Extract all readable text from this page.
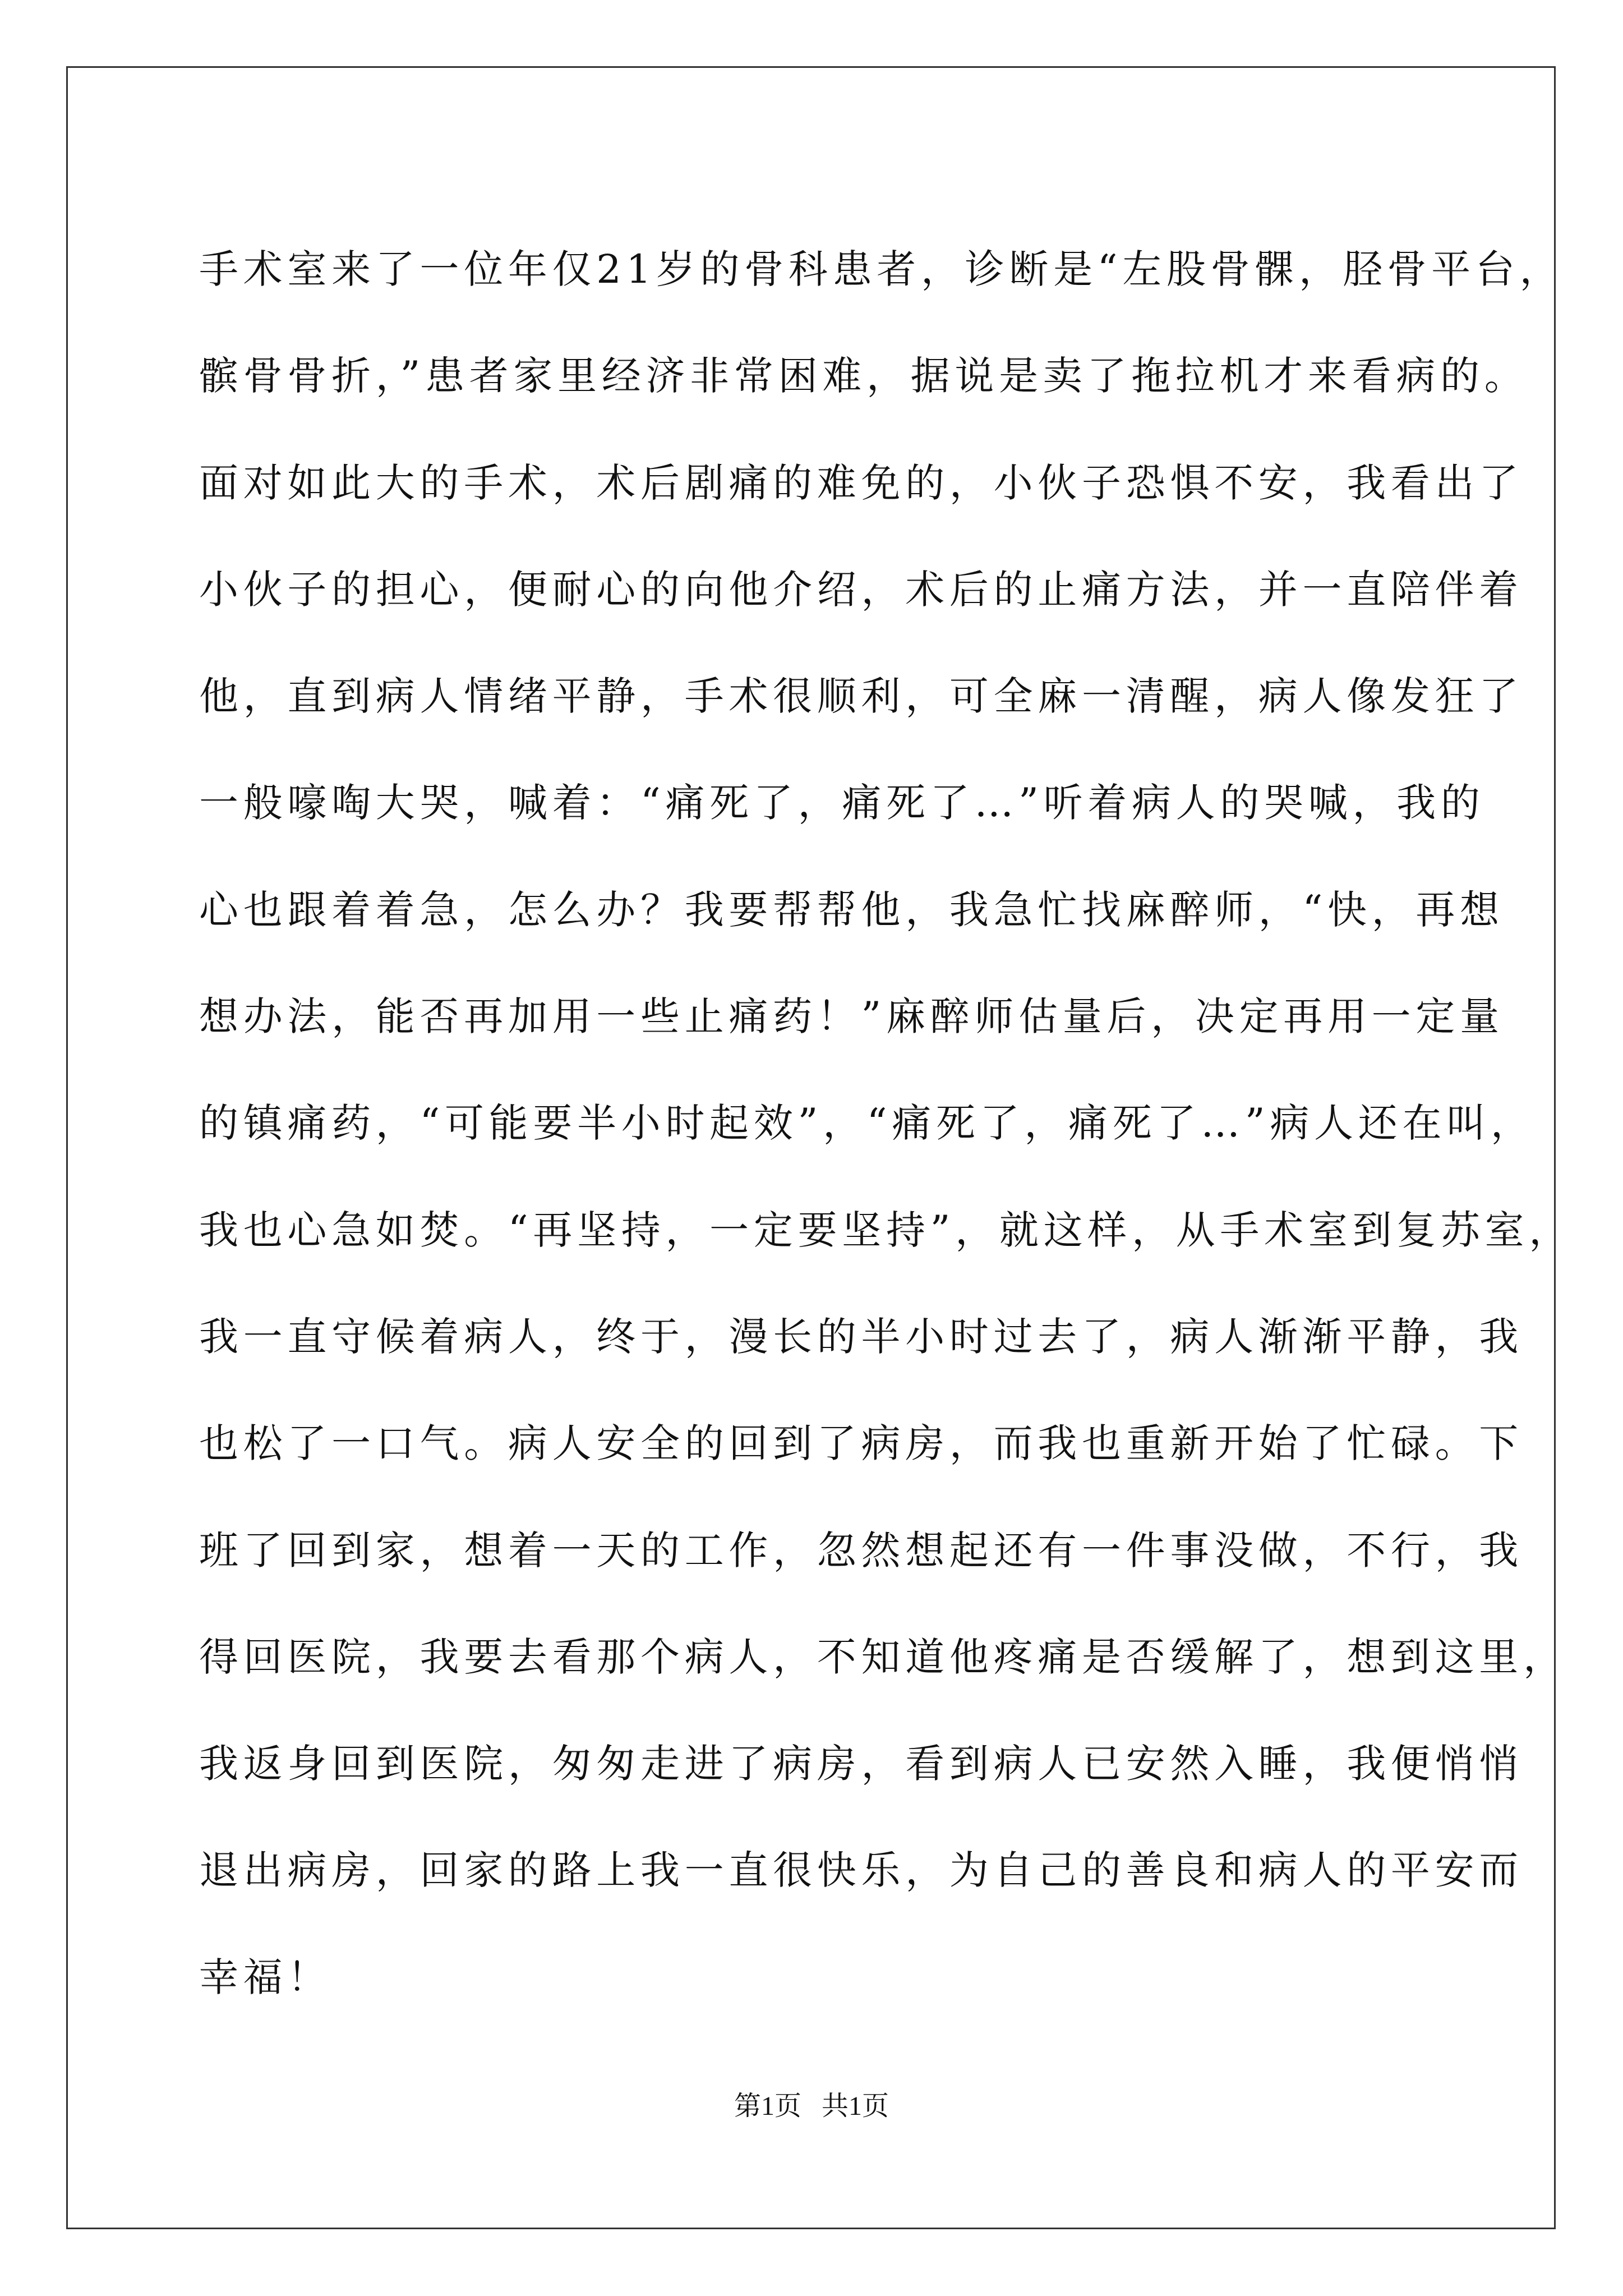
手术室来了一位年仅21岁的骨科患者，诊断是“左股骨髁，胫骨平台，
髌骨骨折，”患者家里经济非常困难，据说是卖了拖拉机才来看病的。
面对如此大的手术，术后剧痛的难免的，小伙子恐惧不安，我看出了
小伙子的担心，便耐心的向他介绍，术后的止痛方法，并一直陪伴着
他，直到病人情绪平静，手术很顺利，可全麻一清醒，病人像发狂了
一般嚎啕大哭，喊着：“痛死了，痛死了…”听着病人的哭喊，我的
心也跟着着急，怎么办？我要帮帮他，我急忙找麻醉师，“快，再想
想办法，能否再加用一些止痛药！”麻醉师估量后，决定再用一定量
的镇痛药，“可能要半小时起效”，“痛死了，痛死了…”病人还在叫，
我也心急如焚。“再坚持，一定要坚持”，就这样，从手术室到复苏室，
我一直守候着病人，终于，漫长的半小时过去了，病人渐渐平静，我
也松了一口气。病人安全的回到了病房，而我也重新开始了忙碌。下
班了回到家，想着一天的工作，忽然想起还有一件事没做，不行，我
得回医院，我要去看那个病人，不知道他疼痛是否缓解了，想到这里，
我返身回到医院，匆匆走进了病房，看到病人已安然入睡，我便悄悄
退出病房，回家的路上我一直很快乐，为自己的善良和病人的平安而
幸福！
第1页   共1页
